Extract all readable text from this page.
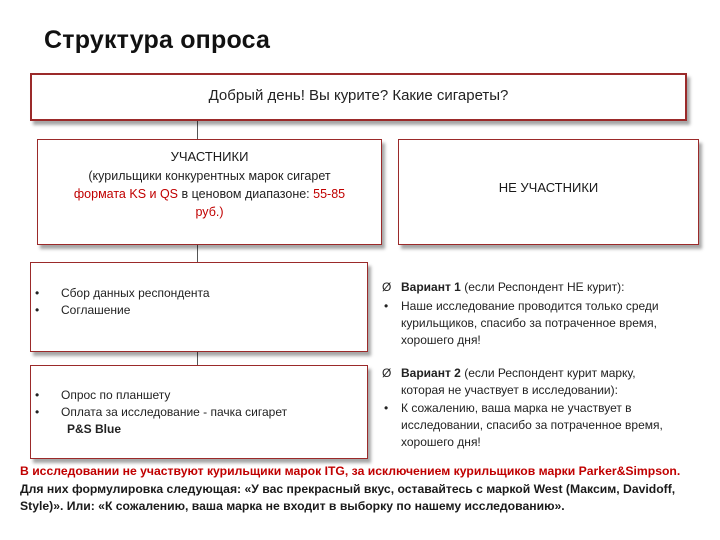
Структура опроса
Добрый день! Вы курите? Какие сигареты?
УЧАСТНИКИ
(курильщики конкурентных марок сигарет
формата KS и QS в ценовом диапазоне: 55-85
руб.)
НЕ УЧАСТНИКИ
• Сбор данных респондента
• Соглашение
• Опрос по планшету
• Оплата за исследование - пачка сигарет
P&S Blue
Ø Вариант 1 (если Респондент НЕ курит):
• Наше исследование проводится только среди
курильщиков, спасибо за потраченное время,
хорошего дня!
Ø Вариант 2 (если Респондент курит марку,
которая не участвует в исследовании):
• К сожалению, ваша марка не участвует в
исследовании, спасибо за потраченное время,
хорошего дня!
В исследовании не участвуют курильщики марок ITG, за исключением курильщиков марки Parker&Simpson.
Для них формулировка следующая: «У вас прекрасный вкус, оставайтесь с маркой West (Максим, Davidoff,
Style)». Или: «К сожалению, ваша марка не входит в выборку по нашему исследованию».
